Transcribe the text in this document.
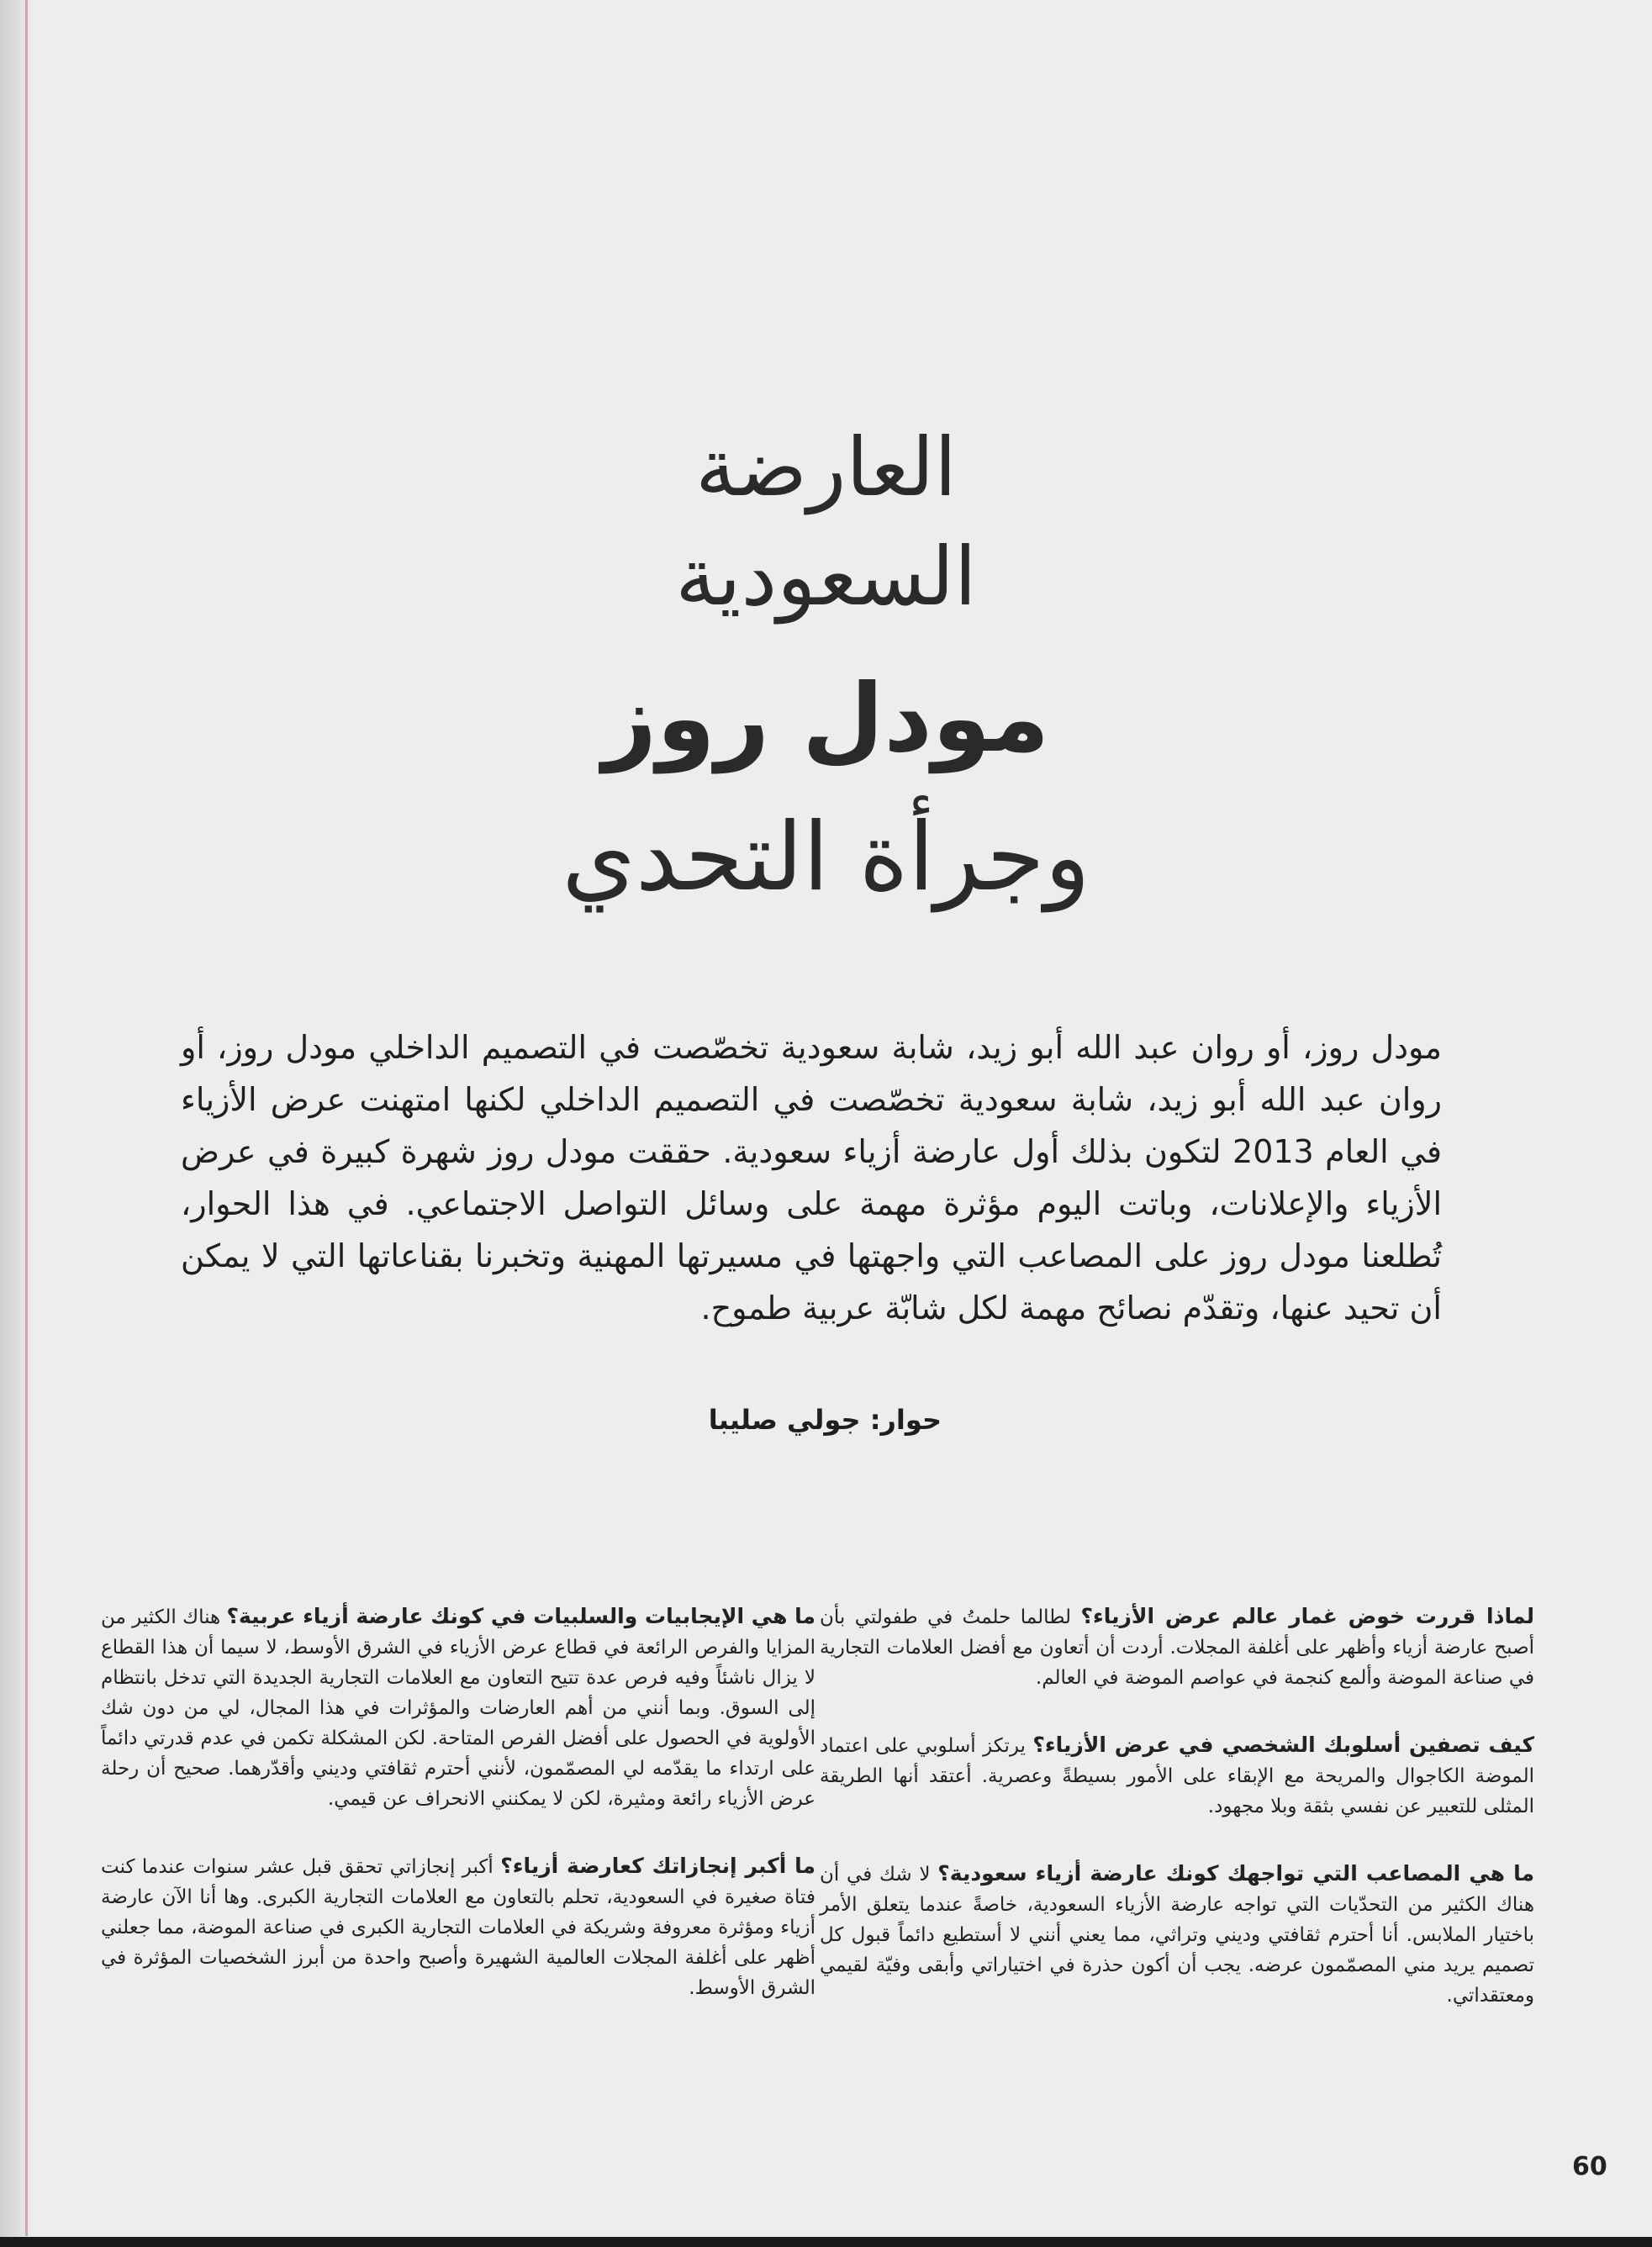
العارضة
السعودية
مودل روز
وجرأة التحدي
مودل روز، أو روان عبد الله أبو زيد، شابة سعودية تخصّصت في التصميم الداخلي مودل روز، أو روان عبد الله أبو زيد، شابة سعودية تخصّصت في التصميم الداخلي لكنها امتهنت عرض الأزياء في العام 2013 لتكون بذلك أول عارضة أزياء سعودية. حققت مودل روز شهرة كبيرة في عرض الأزياء والإعلانات، وباتت اليوم مؤثرة مهمة على وسائل التواصل الاجتماعي. في هذا الحوار، تُطلعنا مودل روز على المصاعب التي واجهتها في مسيرتها المهنية وتخبرنا بقناعاتها التي لا يمكن أن تحيد عنها، وتقدّم نصائح مهمة لكل شابّة عربية طموح.
حوار: جولي صليبا
لماذا قررت خوض غمار عالم عرض الأزياء؟ لطالما حلمتُ في طفولتي بأن أصبح عارضة أزياء وأظهر على أغلفة المجلات. أردت أن أتعاون مع أفضل العلامات التجارية في صناعة الموضة وألمع كنجمة في عواصم الموضة في العالم.
كيف تصفين أسلوبك الشخصي في عرض الأزياء؟ يرتكز أسلوبي على اعتماد الموضة الكاجوال والمريحة مع الإبقاء على الأمور بسيطةً وعصرية. أعتقد أنها الطريقة المثلى للتعبير عن نفسي بثقة وبلا مجهود.
ما هي المصاعب التي تواجهك كونك عارضة أزياء سعودية؟ لا شك في أن هناك الكثير من التحدّيات التي تواجه عارضة الأزياء السعودية، خاصةً عندما يتعلق الأمر باختيار الملابس. أنا أحترم ثقافتي وديني وتراثي، مما يعني أنني لا أستطيع دائماً قبول كل تصميم يريد مني المصمّمون عرضه. يجب أن أكون حذرة في اختياراتي وأبقى وفيّة لقيمي ومعتقداتي.
ما هي الإيجابيات والسلبيات في كونك عارضة أزياء عربية؟ هناك الكثير من المزايا والفرص الرائعة في قطاع عرض الأزياء في الشرق الأوسط، لا سيما أن هذا القطاع لا يزال ناشئاً وفيه فرص عدة تتيح التعاون مع العلامات التجارية الجديدة التي تدخل بانتظام إلى السوق. وبما أنني من أهم العارضات والمؤثرات في هذا المجال، لي من دون شك الأولوية في الحصول على أفضل الفرص المتاحة. لكن المشكلة تكمن في عدم قدرتي دائماً على ارتداء ما يقدّمه لي المصمّمون، لأنني أحترم ثقافتي وديني وأقدّرهما. صحيح أن رحلة عرض الأزياء رائعة ومثيرة، لكن لا يمكنني الانحراف عن قيمي.
ما أكبر إنجازاتك كعارضة أزياء؟ أكبر إنجازاتي تحقق قبل عشر سنوات عندما كنت فتاة صغيرة في السعودية، تحلم بالتعاون مع العلامات التجارية الكبرى. وها أنا الآن عارضة أزياء ومؤثرة معروفة وشريكة في العلامات التجارية الكبرى في صناعة الموضة، مما جعلني أظهر على أغلفة المجلات العالمية الشهيرة وأصبح واحدة من أبرز الشخصيات المؤثرة في الشرق الأوسط.
60
